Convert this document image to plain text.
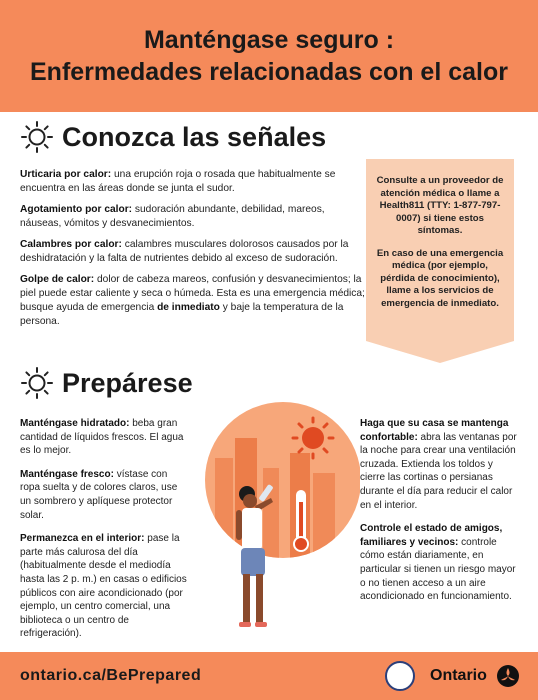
Manténgase seguro :
Enfermedades relacionadas con el calor
Conozca las señales

Urticaria por calor: una erupción roja o rosada que habitualmente se encuentra en las áreas donde se junta el sudor.

Agotamiento por calor: sudoración abundante, debilidad, mareos, náuseas, vómitos y desvanecimientos.

Calambres por calor: calambres musculares dolorosos causados por la deshidratación y la falta de nutrientes debido al exceso de sudoración.

Golpe de calor: dolor de cabeza mareos, confusión y desvanecimientos; la piel puede estar caliente y seca o húmeda. Esta es una emergencia médica; busque ayuda de emergencia de inmediato y baje la temperatura de la persona.

Consulte a un proveedor de atención médica o llame a Health811 (TTY: 1-877-797-0007) si tiene estos síntomas.

En caso de una emergencia médica (por ejemplo, pérdida de conocimiento), llame a los servicios de emergencia de inmediato.

Prepárese

Manténgase hidratado: beba gran cantidad de líquidos frescos. El agua es lo mejor.

Manténgase fresco: vístase con ropa suelta y de colores claros, use un sombrero y aplíquese protector solar.

Permanezca en el interior: pase la parte más calurosa del día (habitualmente desde el mediodía hasta las 2 p. m.) en casas o edificios públicos con aire acondicionado (por ejemplo, un centro comercial, una biblioteca o un centro de refrigeración).

Haga que su casa se mantenga confortable: abra las ventanas por la noche para crear una ventilación cruzada. Extienda los toldos y cierre las cortinas o persianas durante el día para reducir el calor en el interior.

Controle el estado de amigos, familiares y vecinos: controle cómo están diariamente, en particular si tienen un riesgo mayor o no tienen acceso a un aire acondicionado en funcionamiento.

ontario.ca/BePrepared	Ontario
